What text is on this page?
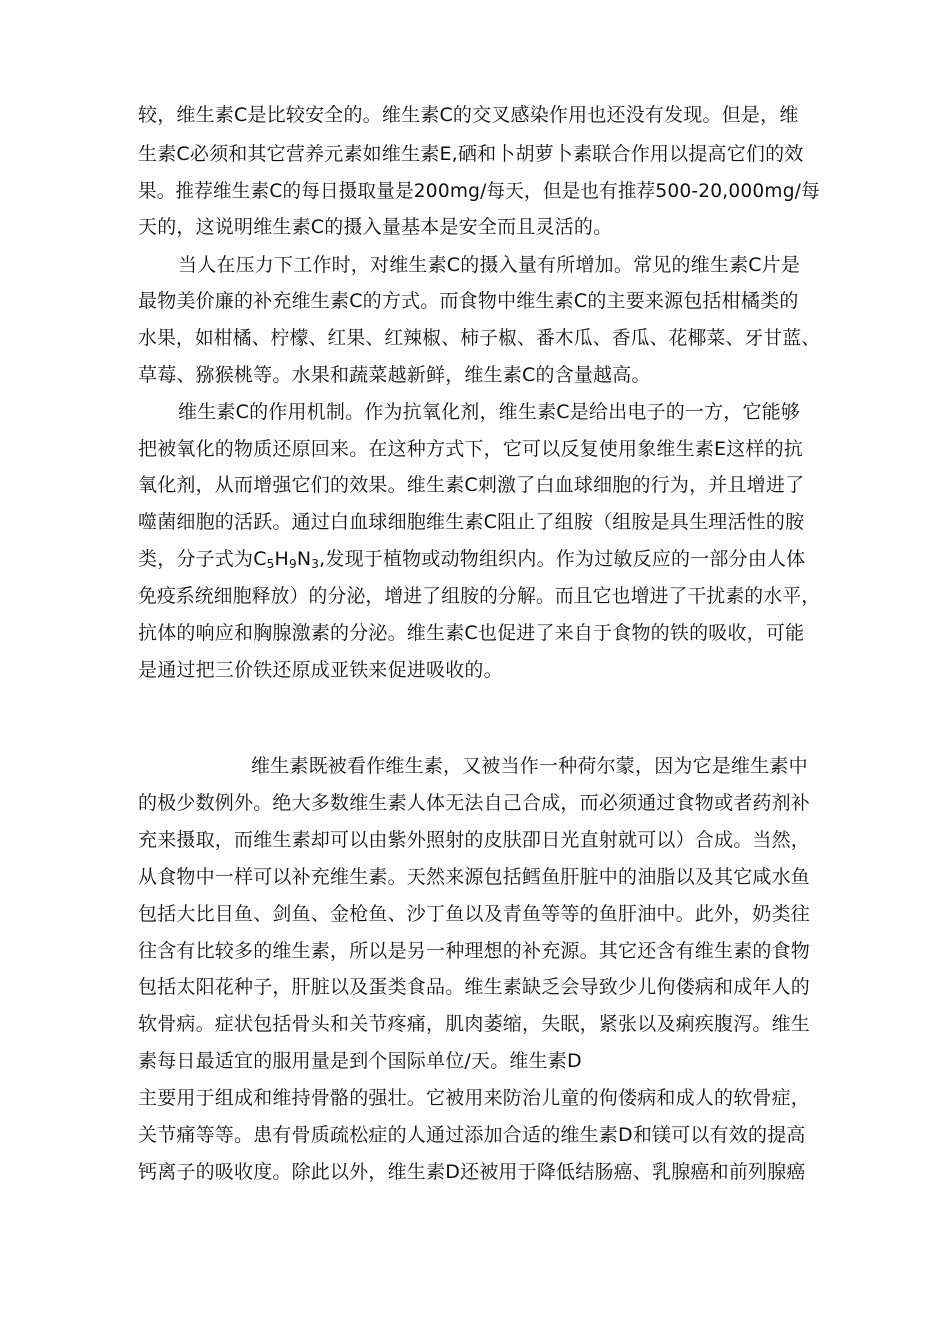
较，维生素C是比较安全的。维生素C的交叉感染作用也还没有发现。但是，维
生素C必须和其它营养元素如维生素E,硒和卜胡萝卜素联合作用以提高它们的效
果。推荐维生素C的每日摄取量是200mg/每天，但是也有推荐500-20,000mg/每
天的，这说明维生素C的摄入量基本是安全而且灵活的。
当人在压力下工作时，对维生素C的摄入量有所增加。常见的维生素C片是
最物美价廉的补充维生素C的方式。而食物中维生素C的主要来源包括柑橘类的
水果，如柑橘、柠檬、红果、红辣椒、柿子椒、番木瓜、香瓜、花椰菜、牙甘蓝、
草莓、猕猴桃等。水果和蔬菜越新鲜，维生素C的含量越高。
维生素C的作用机制。作为抗氧化剂，维生素C是给出电子的一方，它能够
把被氧化的物质还原回来。在这种方式下，它可以反复使用象维生素E这样的抗
氧化剂，从而增强它们的效果。维生素C刺激了白血球细胞的行为，并且增进了
噬菌细胞的活跃。通过白血球细胞维生素C阻止了组胺（组胺是具生理活性的胺
类，分子式为$C_5H_9N_3$,发现于植物或动物组织内。作为过敏反应的一部分由人体
免疫系统细胞释放）的分泌，增进了组胺的分解。而且它也增进了干扰素的水平，
抗体的响应和胸腺激素的分泌。维生素C也促进了来自于食物的铁的吸收，可能
是通过把三价铁还原成亚铁来促进吸收的。
维生素既被看作维生素，又被当作一种荷尔蒙，因为它是维生素中
的极少数例外。绝大多数维生素人体无法自己合成，而必须通过食物或者药剂补
充来摄取，而维生素却可以由紫外照射的皮肤卲日光直射就可以）合成。当然，
从食物中一样可以补充维生素。天然来源包括鳕鱼肝脏中的油脂以及其它咸水鱼
包括大比目鱼、剑鱼、金枪鱼、沙丁鱼以及青鱼等等的鱼肝油中。此外，奶类往
往含有比较多的维生素，所以是另一种理想的补充源。其它还含有维生素的食物
包括太阳花种子，肝脏以及蛋类食品。维生素缺乏会导致少儿佝偻病和成年人的
软骨病。症状包括骨头和关节疼痛，肌肉萎缩，失眠，紧张以及痢疾腹泻。维生
素每日最适宜的服用量是到个国际单位/天。维生素D
主要用于组成和维持骨骼的强壮。它被用来防治儿童的佝偻病和成人的软骨症，
关节痛等等。患有骨质疏松症的人通过添加合适的维生素D和镁可以有效的提高
钙离子的吸收度。除此以外，维生素D还被用于降低结肠癌、乳腺癌和前列腺癌
